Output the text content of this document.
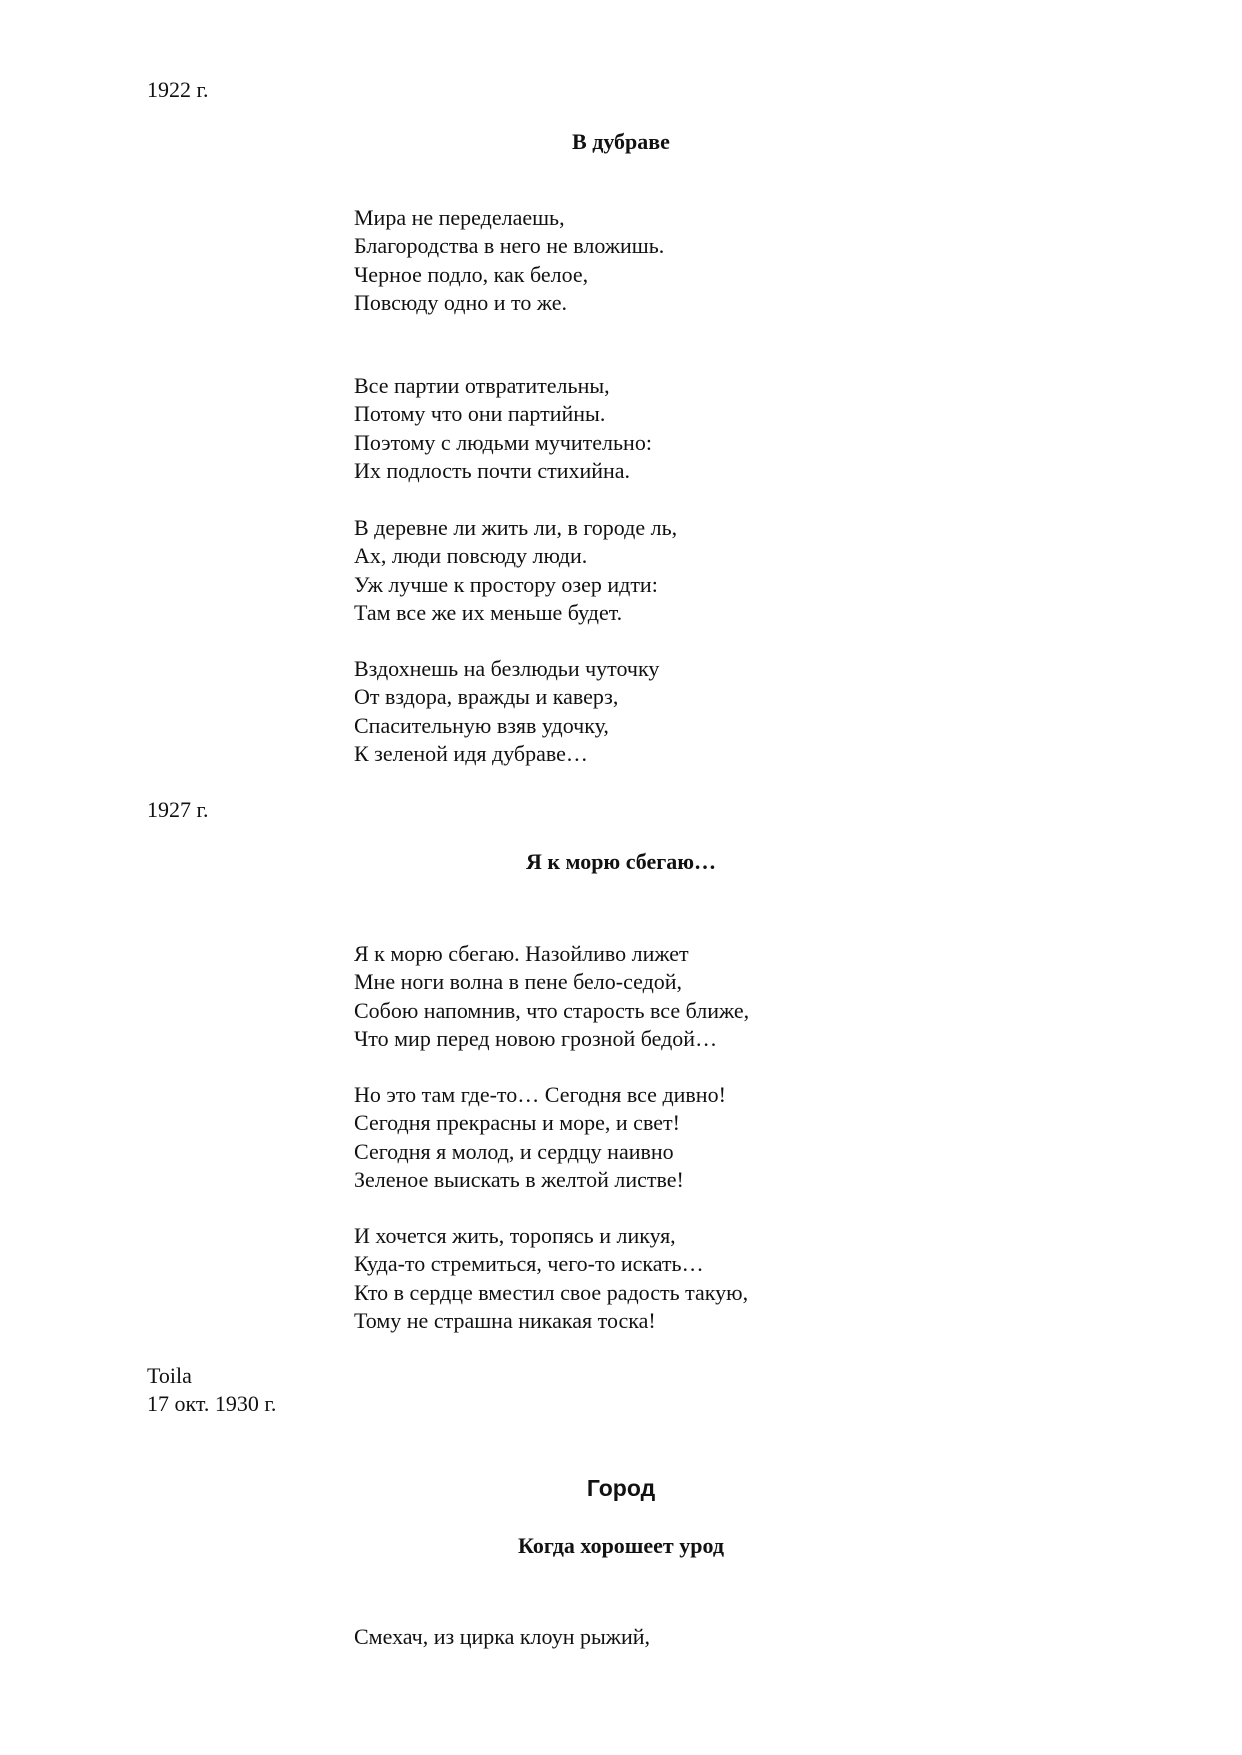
1922 г.
В дубраве
Мира не переделаешь,
Благородства в него не вложишь.
Черное подло, как белое,
Повсюду одно и то же.
Все партии отвратительны,
Потому что они партийны.
Поэтому с людьми мучительно:
Их подлость почти стихийна.
В деревне ли жить ли, в городе ль,
Ах, люди повсюду люди.
Уж лучше к простору озер идти:
Там все же их меньше будет.
Вздохнешь на безлюдьи чуточку
От вздора, вражды и каверз,
Спасительную взяв удочку,
К зеленой идя дубраве…
1927 г.
Я к морю сбегаю…
Я к морю сбегаю. Назойливо лижет
Мне ноги волна в пене бело-седой,
Собою напомнив, что старость все ближе,
Что мир перед новою грозной бедой…
Но это там где-то… Сегодня все дивно!
Сегодня прекрасны и море, и свет!
Сегодня я молод, и сердцу наивно
Зеленое выискать в желтой листве!
И хочется жить, торопясь и ликуя,
Куда-то стремиться, чего-то искать…
Кто в сердце вместил свое радость такую,
Тому не страшна никакая тоска!
Toila
17 окт. 1930 г.
Город
Когда хорошеет урод
Смехач, из цирка клоун рыжий,
